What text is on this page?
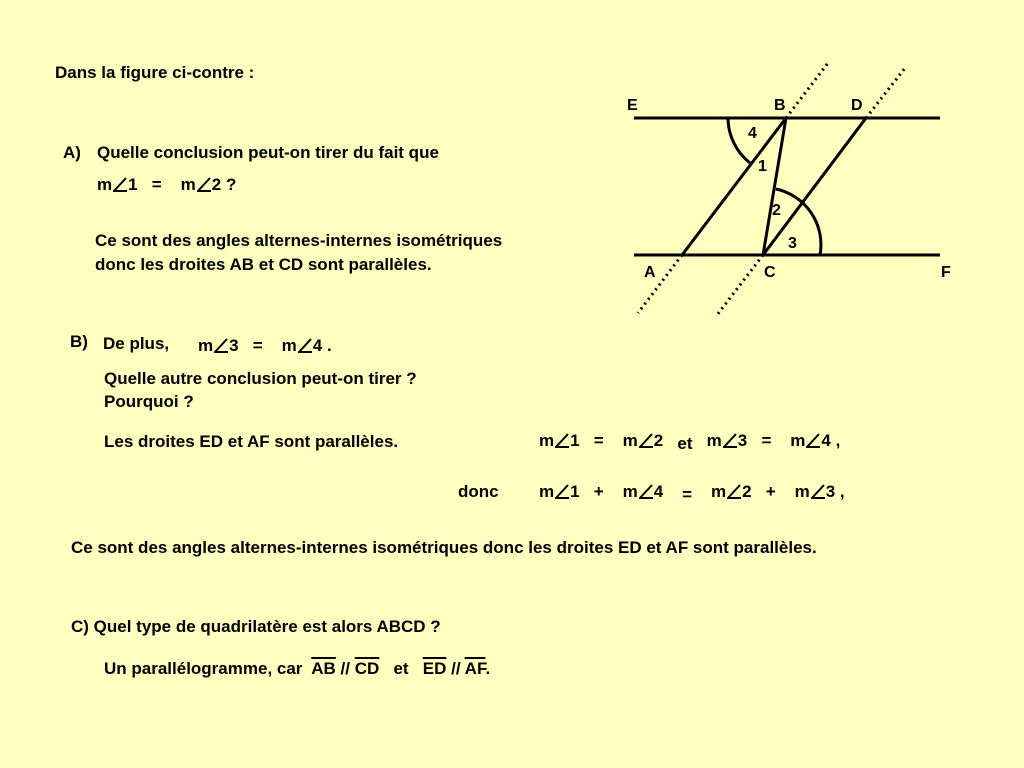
Dans la figure ci-contre :
A) Quelle conclusion peut-on tirer du fait que
m 1 = m 2 ?
Ce sont des angles alternes-internes isométriques donc les droites AB et CD sont parallèles.
B) De plus, m 3 = m 4 .
Quelle autre conclusion peut-on tirer ? Pourquoi ?
Les droites ED et AF sont parallèles.	m 1 = m 2 et m 3 = m 4 ,
donc m 1 + m 4 = m 2 + m 3 ,
Ce sont des angles alternes-internes isométriques donc les droites ED et AF sont parallèles.
C) Quel type de quadrilatère est alors ABCD ?
Un parallélogramme, car $\overline{AB} // \overline{CD}$ et $\overline{ED} // \overline{AF}$.
E	B	D
A	C	F
4
1
2
3
